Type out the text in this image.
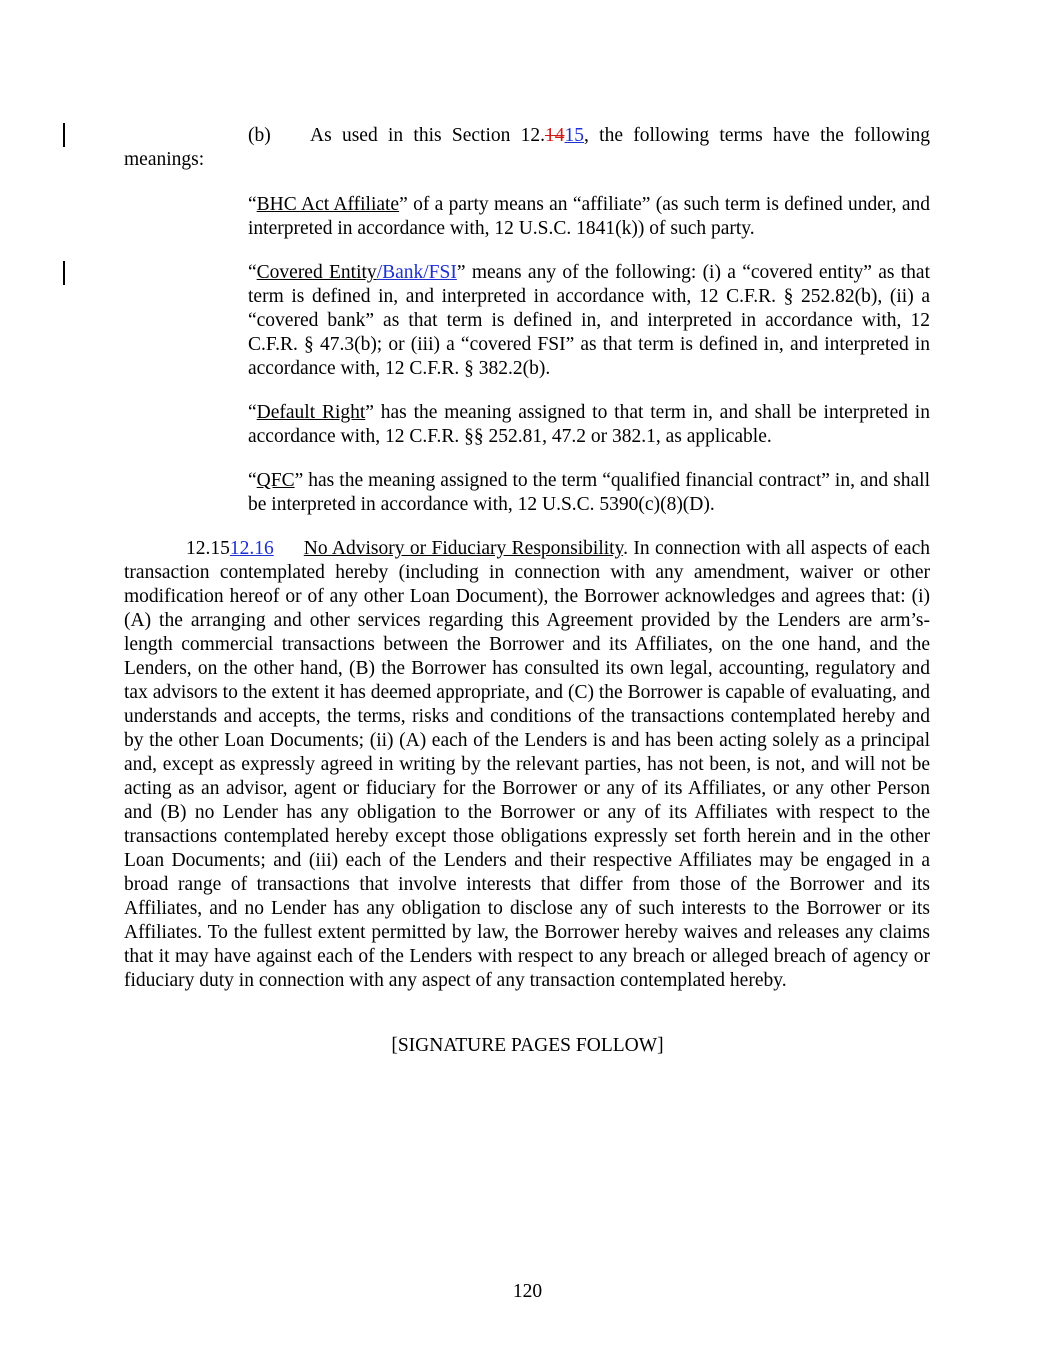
(b) As used in this Section 12.1415, the following terms have the following meanings:
“BHC Act Affiliate” of a party means an “affiliate” (as such term is defined under, and interpreted in accordance with, 12 U.S.C. 1841(k)) of such party.
“Covered Entity/Bank/FSI” means any of the following: (i) a “covered entity” as that term is defined in, and interpreted in accordance with, 12 C.F.R. § 252.82(b), (ii) a “covered bank” as that term is defined in, and interpreted in accordance with, 12 C.F.R. § 47.3(b); or (iii) a “covered FSI” as that term is defined in, and interpreted in accordance with, 12 C.F.R. § 382.2(b).
“Default Right” has the meaning assigned to that term in, and shall be interpreted in accordance with, 12 C.F.R. §§ 252.81, 47.2 or 382.1, as applicable.
“QFC” has the meaning assigned to the term “qualified financial contract” in, and shall be interpreted in accordance with, 12 U.S.C. 5390(c)(8)(D).
12.1512.16 No Advisory or Fiduciary Responsibility. In connection with all aspects of each transaction contemplated hereby (including in connection with any amendment, waiver or other modification hereof or of any other Loan Document), the Borrower acknowledges and agrees that: (i) (A) the arranging and other services regarding this Agreement provided by the Lenders are arm’s-length commercial transactions between the Borrower and its Affiliates, on the one hand, and the Lenders, on the other hand, (B) the Borrower has consulted its own legal, accounting, regulatory and tax advisors to the extent it has deemed appropriate, and (C) the Borrower is capable of evaluating, and understands and accepts, the terms, risks and conditions of the transactions contemplated hereby and by the other Loan Documents; (ii) (A) each of the Lenders is and has been acting solely as a principal and, except as expressly agreed in writing by the relevant parties, has not been, is not, and will not be acting as an advisor, agent or fiduciary for the Borrower or any of its Affiliates, or any other Person and (B) no Lender has any obligation to the Borrower or any of its Affiliates with respect to the transactions contemplated hereby except those obligations expressly set forth herein and in the other Loan Documents; and (iii) each of the Lenders and their respective Affiliates may be engaged in a broad range of transactions that involve interests that differ from those of the Borrower and its Affiliates, and no Lender has any obligation to disclose any of such interests to the Borrower or its Affiliates. To the fullest extent permitted by law, the Borrower hereby waives and releases any claims that it may have against each of the Lenders with respect to any breach or alleged breach of agency or fiduciary duty in connection with any aspect of any transaction contemplated hereby.
[SIGNATURE PAGES FOLLOW]
120
